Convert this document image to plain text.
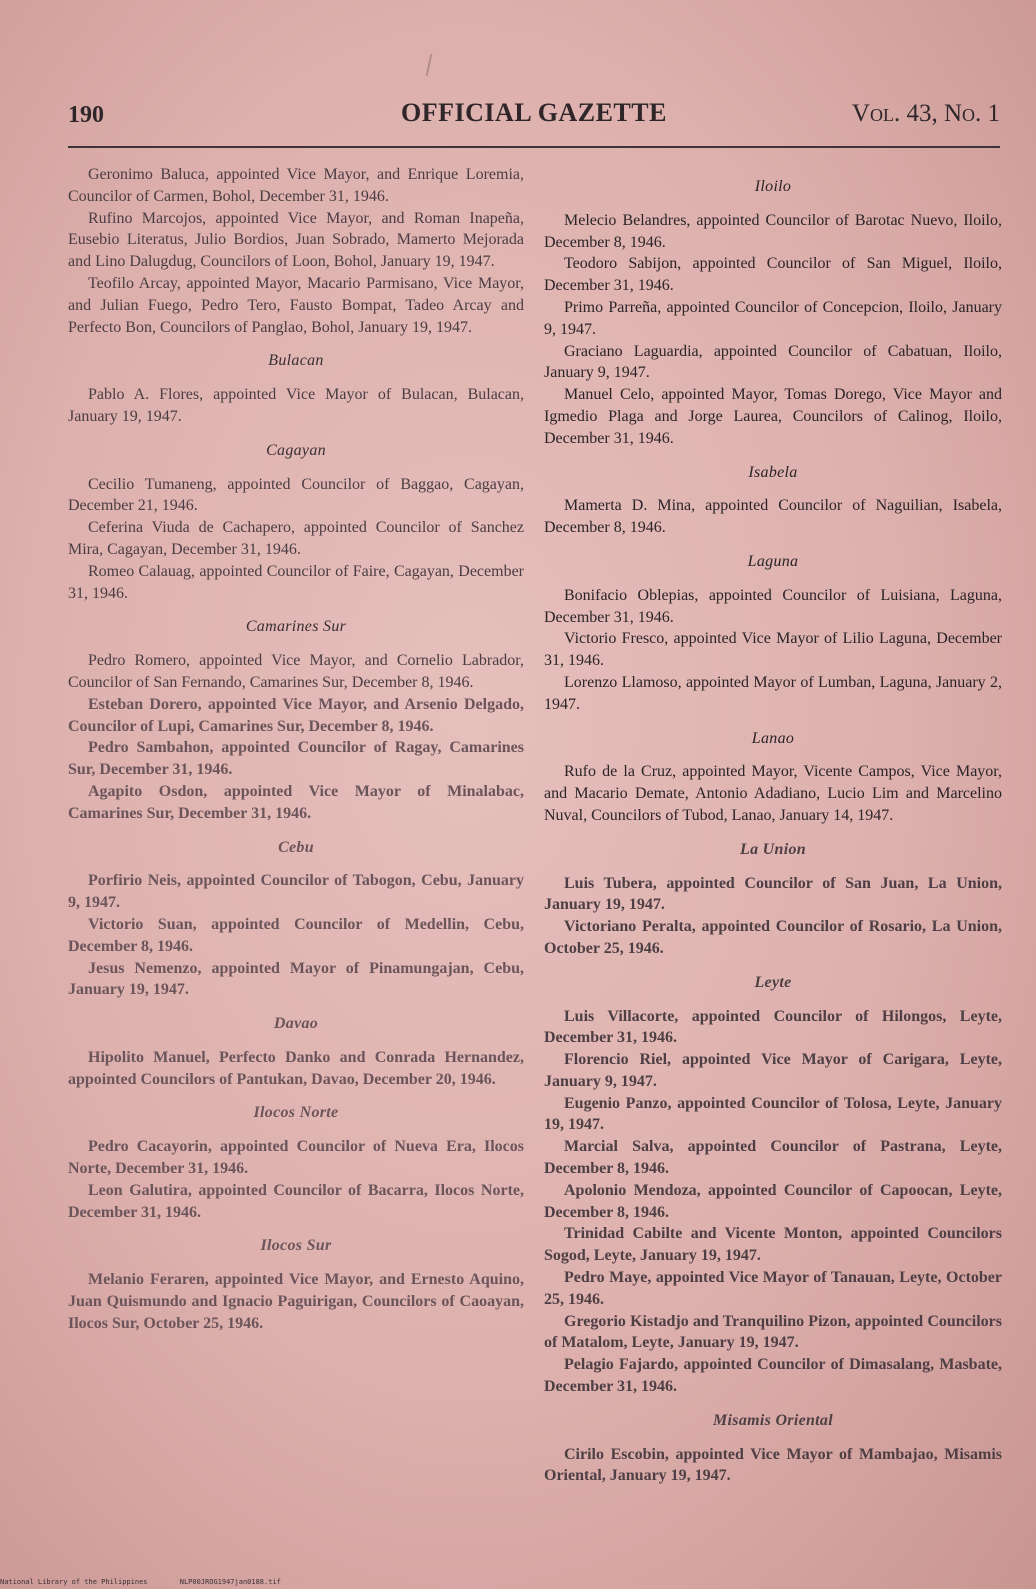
190	OFFICIAL GAZETTE	Vol. 43, No. 1

Geronimo Baluca, appointed Vice Mayor, and Enrique Loremia, Councilor of Carmen, Bohol, December 31, 1946.

Rufino Marcojos, appointed Vice Mayor, and Roman Inapeña, Eusebio Literatus, Julio Bordios, Juan Sobrado, Mamerto Mejorada and Lino Dalugdug, Councilors of Loon, Bohol, January 19, 1947.

Teofilo Arcay, appointed Mayor, Macario Parmisano, Vice Mayor, and Julian Fuego, Pedro Tero, Fausto Bompat, Tadeo Arcay and Perfecto Bon, Councilors of Panglao, Bohol, January 19, 1947.

Bulacan

Pablo A. Flores, appointed Vice Mayor of Bulacan, Bulacan, January 19, 1947.

Cagayan

Cecilio Tumaneng, appointed Councilor of Baggao, Cagayan, December 21, 1946.

Ceferina Viuda de Cachapero, appointed Councilor of Sanchez Mira, Cagayan, December 31, 1946.

Romeo Calauag, appointed Councilor of Faire, Cagayan, December 31, 1946.

Camarines Sur

Pedro Romero, appointed Vice Mayor, and Cornelio Labrador, Councilor of San Fernando, Camarines Sur, December 8, 1946.

Esteban Dorero, appointed Vice Mayor, and Arsenio Delgado, Councilor of Lupi, Camarines Sur, December 8, 1946.

Pedro Sambahon, appointed Councilor of Ragay, Camarines Sur, December 31, 1946.

Agapito Osdon, appointed Vice Mayor of Minalabac, Camarines Sur, December 31, 1946.

Cebu

Porfirio Neis, appointed Councilor of Tabogon, Cebu, January 9, 1947.

Victorio Suan, appointed Councilor of Medellin, Cebu, December 8, 1946.

Jesus Nemenzo, appointed Mayor of Pinamungajan, Cebu, January 19, 1947.

Davao

Hipolito Manuel, Perfecto Danko and Conrada Hernandez, appointed Councilors of Pantukan, Davao, December 20, 1946.

Ilocos Norte

Pedro Cacayorin, appointed Councilor of Nueva Era, Ilocos Norte, December 31, 1946.

Leon Galutira, appointed Councilor of Bacarra, Ilocos Norte, December 31, 1946.

Ilocos Sur

Melanio Feraren, appointed Vice Mayor, and Ernesto Aquino, Juan Quismundo and Ignacio Paguirigan, Councilors of Caoayan, Ilocos Sur, October 25, 1946.

Iloilo

Melecio Belandres, appointed Councilor of Barotac Nuevo, Iloilo, December 8, 1946.

Teodoro Sabijon, appointed Councilor of San Miguel, Iloilo, December 31, 1946.

Primo Parreña, appointed Councilor of Concepcion, Iloilo, January 9, 1947.

Graciano Laguardia, appointed Councilor of Cabatuan, Iloilo, January 9, 1947.

Manuel Celo, appointed Mayor, Tomas Dorego, Vice Mayor and Igmedio Plaga and Jorge Laurea, Councilors of Calinog, Iloilo, December 31, 1946.

Isabela

Mamerta D. Mina, appointed Councilor of Naguilian, Isabela, December 8, 1946.

Laguna

Bonifacio Oblepias, appointed Councilor of Luisiana, Laguna, December 31, 1946.

Victorio Fresco, appointed Vice Mayor of Lilio Laguna, December 31, 1946.

Lorenzo Llamoso, appointed Mayor of Lumban, Laguna, January 2, 1947.

Lanao

Rufo de la Cruz, appointed Mayor, Vicente Campos, Vice Mayor, and Macario Demate, Antonio Adadiano, Lucio Lim and Marcelino Nuval, Councilors of Tubod, Lanao, January 14, 1947.

La Union

Luis Tubera, appointed Councilor of San Juan, La Union, January 19, 1947.

Victoriano Peralta, appointed Councilor of Rosario, La Union, October 25, 1946.

Leyte

Luis Villacorte, appointed Councilor of Hilongos, Leyte, December 31, 1946.

Florencio Riel, appointed Vice Mayor of Carigara, Leyte, January 9, 1947.

Eugenio Panzo, appointed Councilor of Tolosa, Leyte, January 19, 1947.

Marcial Salva, appointed Councilor of Pastrana, Leyte, December 8, 1946.

Apolonio Mendoza, appointed Councilor of Capoocan, Leyte, December 8, 1946.

Trinidad Cabilte and Vicente Monton, appointed Councilors Sogod, Leyte, January 19, 1947.

Pedro Maye, appointed Vice Mayor of Tanauan, Leyte, October 25, 1946.

Gregorio Kistadjo and Tranquilino Pizon, appointed Councilors of Matalom, Leyte, January 19, 1947.

Pelagio Fajardo, appointed Councilor of Dimasalang, Masbate, December 31, 1946.

Misamis Oriental

Cirilo Escobin, appointed Vice Mayor of Mambajao, Misamis Oriental, January 19, 1947.

National Library of the Philippines	NLP00JROG1947jan0188.tif
